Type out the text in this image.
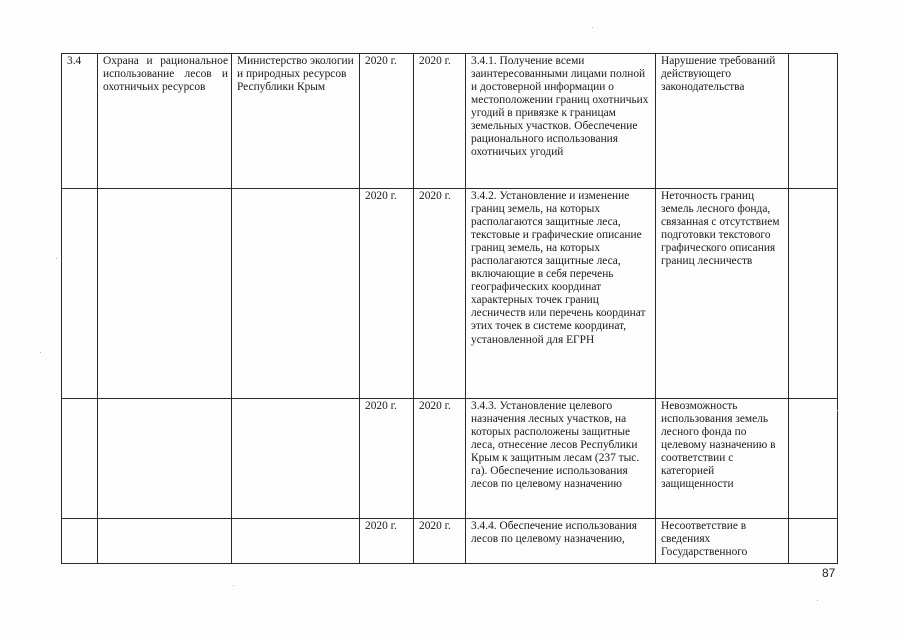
3.4	Охрана и рациональное использование лесов и охотничьих ресурсов	Министерство экологии и природных ресурсов Республики Крым	2020 г.	2020 г.	3.4.1. Получение всеми заинтересованными лицами полной и достоверной информации о местоположении границ охотничьих угодий в привязке к границам земельных участков. Обеспечение рационального использования охотничьих угодий	Нарушение требований действующего законодательства	
			2020 г.	2020 г.	3.4.2. Установление и изменение границ земель, на которых располагаются защитные леса, текстовые и графические описание границ земель, на которых располагаются защитные леса, включающие в себя перечень географических координат характерных точек границ лесничеств или перечень координат этих точек в системе координат, установленной для ЕГРН	Неточность границ земель лесного фонда, связанная с отсутствием подготовки текстового графического описания границ лесничеств	
			2020 г.	2020 г.	3.4.3. Установление целевого назначения лесных участков, на которых расположены защитные леса, отнесение лесов Республики Крым к защитным лесам (237 тыс. га). Обеспечение использования лесов по целевому назначению	Невозможность использования земель лесного фонда по целевому назначению в соответствии с категорией защищенности	
			2020 г.	2020 г.	3.4.4. Обеспечение использования лесов по целевому назначению,	Несоответствие в сведениях Государственного	
87
